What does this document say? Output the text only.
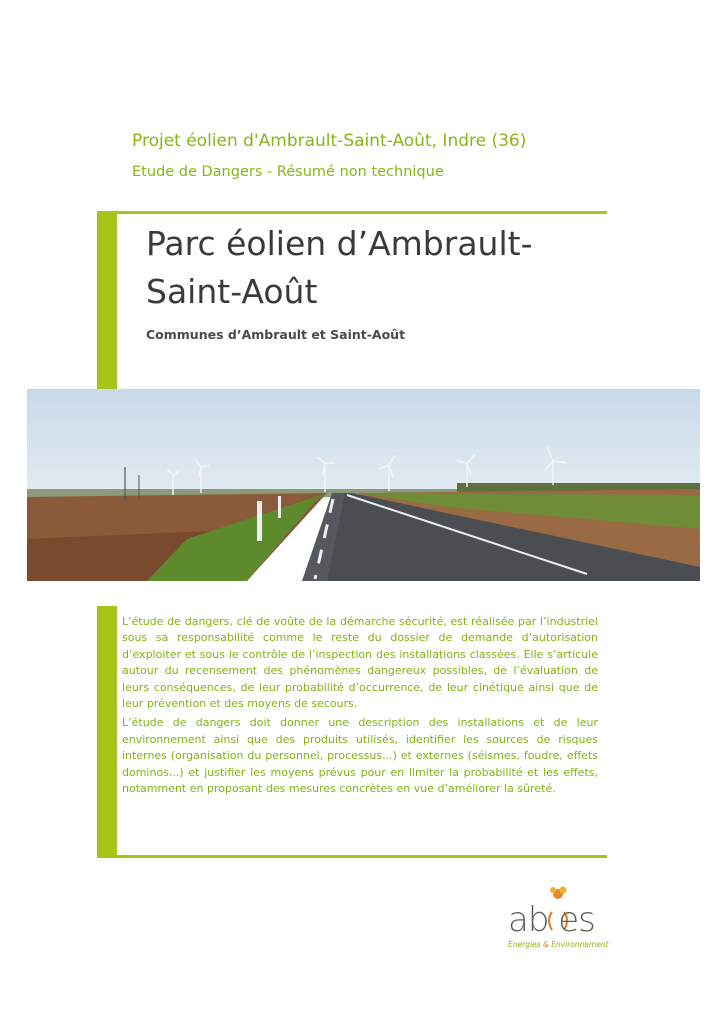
Projet éolien d'Ambrault-Saint-Août, Indre (36)
Etude de Dangers - Résumé non technique
Parc éolien d’Ambrault-
Saint-Août
Communes d’Ambrault et Saint-Août

L’étude de dangers, clé de voûte de la démarche sécurité, est réalisée par l’industriel sous sa responsabilité comme le reste du dossier de demande d’autorisation d’exploiter et sous le contrôle de l’inspection des installations classées. Elle s’articule autour du recensement des phénomènes dangereux possibles, de l’évaluation de leurs conséquences, de leur probabilité d’occurrence, de leur cinétique ainsi que de leur prévention et des moyens de secours.

L’étude de dangers doit donner une description des installations et de leur environnement ainsi que des produits utilisés, identifier les sources de risques internes (organisation du personnel, processus...) et externes (séismes, foudre, effets dominos...) et justifier les moyens prévus pour en limiter la probabilité et les effets, notamment en proposant des mesures concrètes en vue d’améliorer la sûreté.

ab es
Energies & Environnement
